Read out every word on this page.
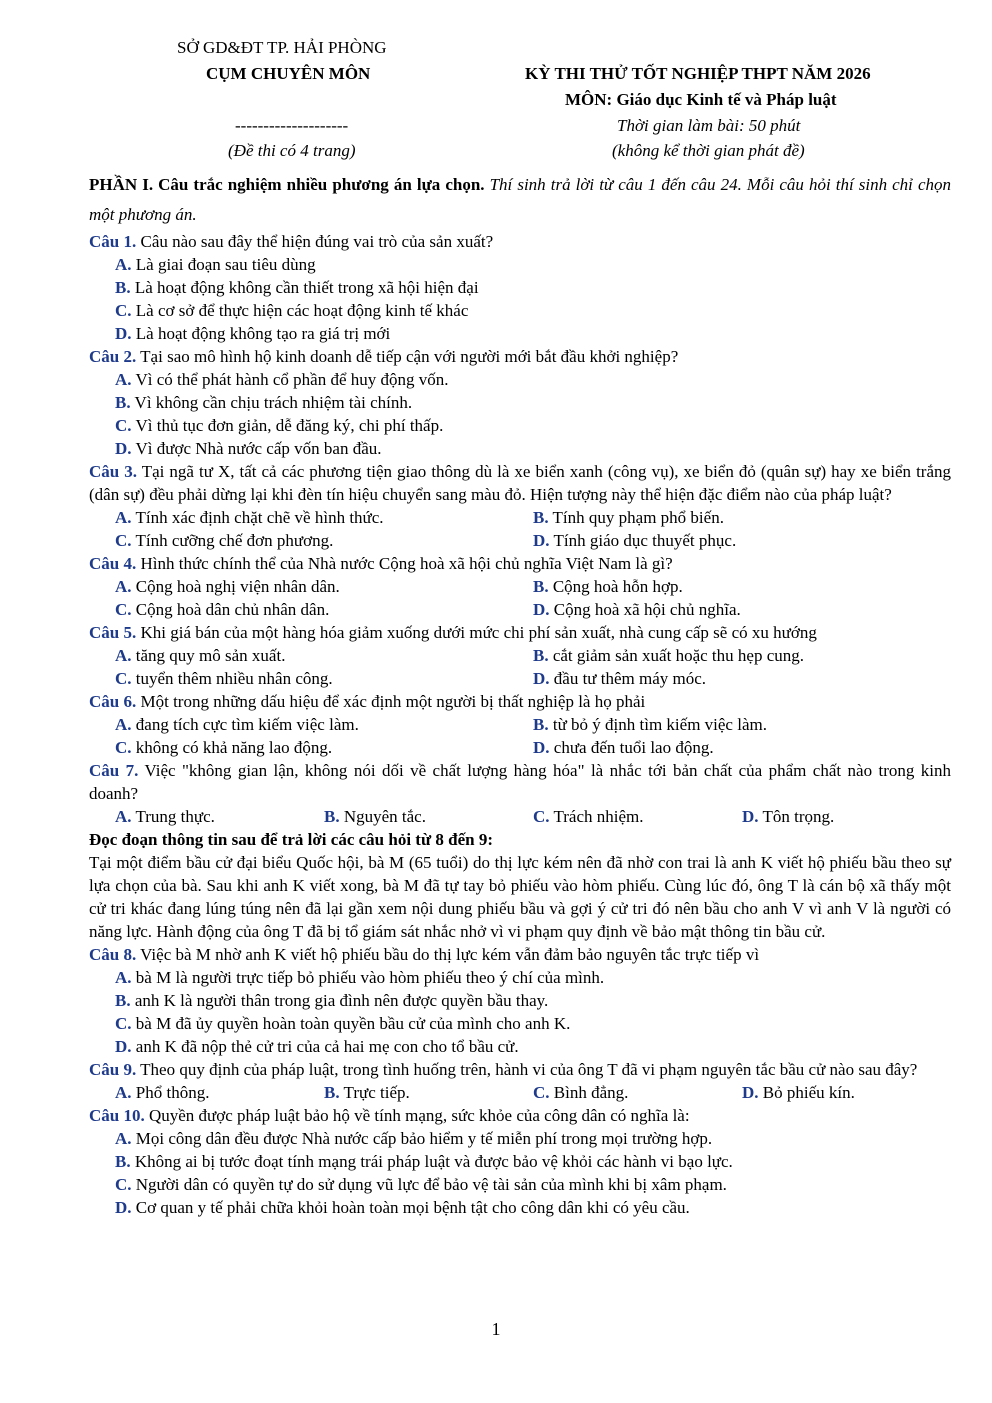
SỞ GD&ĐT TP. HẢI PHÒNG
CỤM CHUYÊN MÔN
--------------------
(Đề thi có 4 trang)
KỲ THI THỬ TỐT NGHIỆP THPT NĂM 2026
MÔN: Giáo dục Kinh tế và Pháp luật
Thời gian làm bài: 50 phút
(không kể thời gian phát đề)

PHẦN I. Câu trắc nghiệm nhiều phương án lựa chọn. Thí sinh trả lời từ câu 1 đến câu 24. Mỗi câu hỏi thí sinh chỉ chọn một phương án.

Câu 1. Câu nào sau đây thể hiện đúng vai trò của sản xuất?

A. Là giai đoạn sau tiêu dùng
B. Là hoạt động không cần thiết trong xã hội hiện đại
C. Là cơ sở để thực hiện các hoạt động kinh tế khác
D. Là hoạt động không tạo ra giá trị mới

Câu 2. Tại sao mô hình hộ kinh doanh dễ tiếp cận với người mới bắt đầu khởi nghiệp?

A. Vì có thể phát hành cổ phần để huy động vốn.
B. Vì không cần chịu trách nhiệm tài chính.
C. Vì thủ tục đơn giản, dễ đăng ký, chi phí thấp.
D. Vì được Nhà nước cấp vốn ban đầu.

Câu 3. Tại ngã tư X, tất cả các phương tiện giao thông dù là xe biển xanh (công vụ), xe biển đỏ (quân sự) hay xe biển trắng (dân sự) đều phải dừng lại khi đèn tín hiệu chuyển sang màu đỏ. Hiện tượng này thể hiện đặc điểm nào của pháp luật?

A. Tính xác định chặt chẽ về hình thức.	B. Tính quy phạm phổ biến.
C. Tính cưỡng chế đơn phương.	D. Tính giáo dục thuyết phục.

Câu 4. Hình thức chính thể của Nhà nước Cộng hoà xã hội chủ nghĩa Việt Nam là gì?

A. Cộng hoà nghị viện nhân dân.	B. Cộng hoà hỗn hợp.
C. Cộng hoà dân chủ nhân dân.	D. Cộng hoà xã hội chủ nghĩa.

Câu 5. Khi giá bán của một hàng hóa giảm xuống dưới mức chi phí sản xuất, nhà cung cấp sẽ có xu hướng

A. tăng quy mô sản xuất.	B. cắt giảm sản xuất hoặc thu hẹp cung.
C. tuyển thêm nhiều nhân công.	D. đầu tư thêm máy móc.

Câu 6. Một trong những dấu hiệu để xác định một người bị thất nghiệp là họ phải

A. đang tích cực tìm kiếm việc làm.	B. từ bỏ ý định tìm kiếm việc làm.
C. không có khả năng lao động.	D. chưa đến tuổi lao động.

Câu 7. Việc "không gian lận, không nói dối về chất lượng hàng hóa" là nhắc tới bản chất của phẩm chất nào trong kinh doanh?

A. Trung thực.	B. Nguyên tắc.	C. Trách nhiệm.	D. Tôn trọng.

Đọc đoạn thông tin sau để trả lời các câu hỏi từ 8 đến 9:

Tại một điểm bầu cử đại biểu Quốc hội, bà M (65 tuổi) do thị lực kém nên đã nhờ con trai là anh K viết hộ phiếu bầu theo sự lựa chọn của bà. Sau khi anh K viết xong, bà M đã tự tay bỏ phiếu vào hòm phiếu. Cùng lúc đó, ông T là cán bộ xã thấy một cử tri khác đang lúng túng nên đã lại gần xem nội dung phiếu bầu và gợi ý cử tri đó nên bầu cho anh V vì anh V là người có năng lực. Hành động của ông T đã bị tổ giám sát nhắc nhở vì vi phạm quy định về bảo mật thông tin bầu cử.

Câu 8. Việc bà M nhờ anh K viết hộ phiếu bầu do thị lực kém vẫn đảm bảo nguyên tắc trực tiếp vì

A. bà M là người trực tiếp bỏ phiếu vào hòm phiếu theo ý chí của mình.
B. anh K là người thân trong gia đình nên được quyền bầu thay.
C. bà M đã ủy quyền hoàn toàn quyền bầu cử của mình cho anh K.
D. anh K đã nộp thẻ cử tri của cả hai mẹ con cho tổ bầu cử.

Câu 9. Theo quy định của pháp luật, trong tình huống trên, hành vi của ông T đã vi phạm nguyên tắc bầu cử nào sau đây?

A. Phổ thông.	B. Trực tiếp.	C. Bình đẳng.	D. Bỏ phiếu kín.

Câu 10. Quyền được pháp luật bảo hộ về tính mạng, sức khỏe của công dân có nghĩa là:

A. Mọi công dân đều được Nhà nước cấp bảo hiểm y tế miễn phí trong mọi trường hợp.
B. Không ai bị tước đoạt tính mạng trái pháp luật và được bảo vệ khỏi các hành vi bạo lực.
C. Người dân có quyền tự do sử dụng vũ lực để bảo vệ tài sản của mình khi bị xâm phạm.
D. Cơ quan y tế phải chữa khỏi hoàn toàn mọi bệnh tật cho công dân khi có yêu cầu.
1
